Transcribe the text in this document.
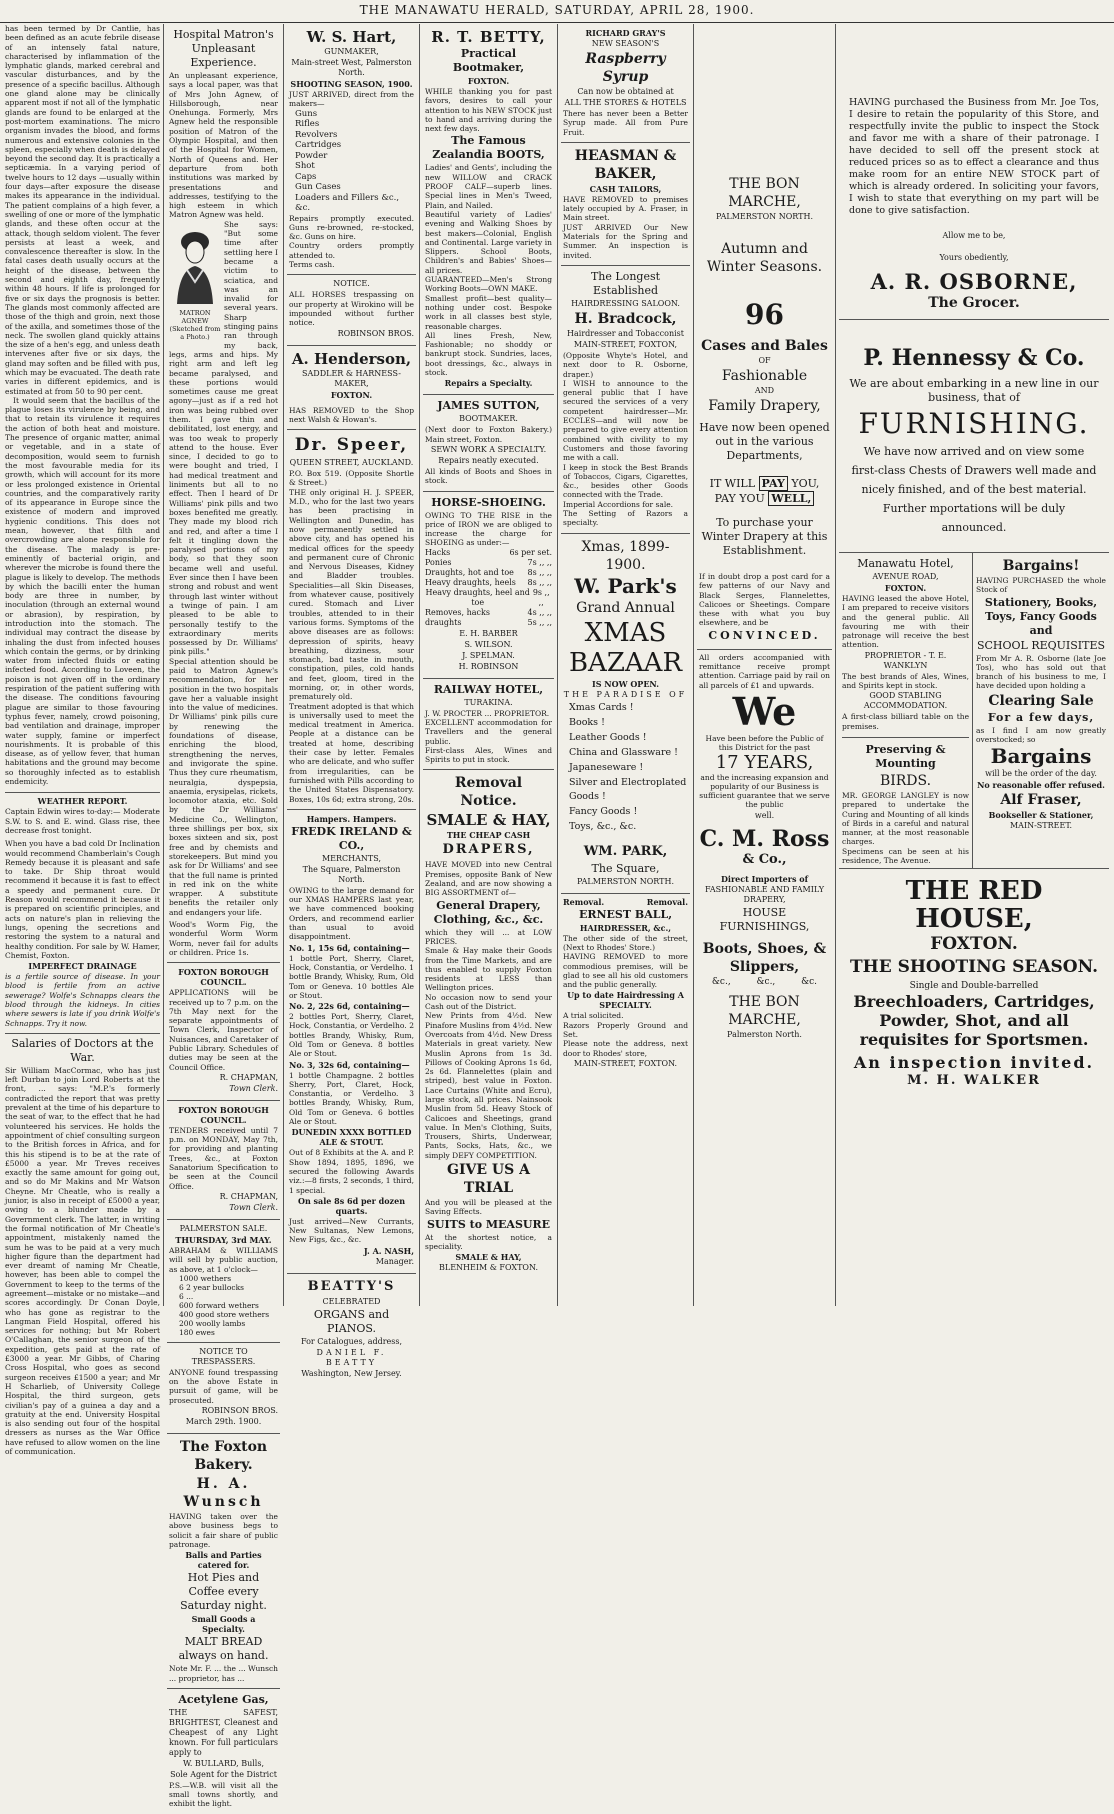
THE MANAWATU HERALD, SATURDAY, APRIL 28, 1900.

has been termed by Dr Cantlie, has been defined as an acute febrile disease of an intensely fatal nature, characterised by inflammation of the lymphatic glands, marked cerebral and vascular disturbances, and by the presence of a specific bacillus. Although one gland alone may be clinically apparent most if not all of the lymphatic glands are found to be enlarged at the post-mortem examinations. The micro organism invades the blood, and forms numerous and extensive colonies in the spleen, especially when death is delayed beyond the second day. It is practically a septicæmia. In a varying period of twelve hours to 12 days —usually within four days—after exposure the disease makes its appearance in the individual. The patient complains of a high fever, a swelling of one or more of the lymphatic glands, and these often occur at the attack, though seldom violent. The fever persists at least a week, and convalescence thereafter is slow. In the fatal cases death usually occurs at the height of the disease, between the second and eighth day, frequently within 48 hours. If life is prolonged for five or six days the prognosis is better. The glands most commonly affected are those of the thigh and groin, next those of the axilla, and sometimes those of the neck. The swollen gland quickly attains the size of a hen's egg, and unless death intervenes after five or six days, the gland may soften and be filled with pus, which may be evacuated. The death rate varies in different epidemics, and is estimated at from 50 to 90 per cent.

It would seem that the bacillus of the plague loses its virulence by being, and that to retain its virulence it requires the action of both heat and moisture. The presence of organic matter, animal or vegetable, and in a state of decomposition, would seem to furnish the most favourable media for its growth, which will account for its more or less prolonged existence in Oriental countries, and the comparatively rarity of its appearance in Europe since the existence of modern and improved hygienic conditions. This does not mean, however, that filth and overcrowding are alone responsible for the disease. The malady is pre-eminently of bacterial origin, and wherever the microbe is found there the plague is likely to develop. The methods by which the bacilli enter the human body are three in number, by inoculation (through an external wound or abrasion), by respiration, by introduction into the stomach. The individual may contract the disease by inhaling the dust from infected houses which contain the germs, or by drinking water from infected fluids or eating infected food. According to Loveen, the poison is not given off in the ordinary respiration of the patient suffering with the disease. The conditions favouring plague are similar to those favouring typhus fever, namely, crowd poisoning, bad ventilation and drainage, improper water supply, famine or imperfect nourishments. It is probable of this disease, as of yellow fever, that human habitations and the ground may become so thoroughly infected as to establish endemicity.

WEATHER REPORT.

Captain Edwin wires to-day:— Moderate S.W. to S. and E. wind. Glass rise, thee decrease frost tonight.

When you have a bad cold Dr Inclination would recommend Chamberlain's Cough Remedy because it is pleasant and safe to take. Dr Ship throat would recommend it because it is fast to effect a speedy and permanent cure. Dr Reason would recommend it because it is prepared on scientific principles, and acts on nature's plan in relieving the lungs, opening the secretions and restoring the system to a natural and healthy condition. For sale by W. Hamer, Chemist, Foxton.

IMPERFECT DRAINAGE

is a fertile source of disease. In your blood is fertile from an active sewerage? Wolfe's Schnapps clears the blood through the kidneys. In cities where sewers is late if you drink Wolfe's Schnapps. Try it now.

Salaries of Doctors at the War.

Sir William MacCormac, who has just left Durban to join Lord Roberts at the front, ... says: "M.P.'s formerly contradicted the report that was pretty prevalent at the time of his departure to the seat of war, to the effect that he had volunteered his services. He holds the appointment of chief consulting surgeon to the British forces in Africa, and for this his stipend is to be at the rate of £5000 a year. Mr Treves receives exactly the same amount for going out, and so do Mr Makins and Mr Watson Cheyne. Mr Cheatle, who is really a junior, is also in receipt of £5000 a year, owing to a blunder made by a Government clerk. The latter, in writing the formal notification of Mr Cheatle's appointment, mistakenly named the sum he was to be paid at a very much higher figure than the department had ever dreamt of naming Mr Cheatle, however, has been able to compel the Government to keep to the terms of the agreement—mistake or no mistake—and scores accordingly. Dr Conan Doyle, who has gone as registrar to the Langman Field Hospital, offered his services for nothing; but Mr Robert O'Callaghan, the senior surgeon of the expedition, gets paid at the rate of £3000 a year. Mr Gibbs, of Charing Cross Hospital, who goes as second surgeon receives £1500 a year; and Mr H Scharlieb, of University College Hospital, the third surgeon, gets civilian's pay of a guinea a day and a gratuity at the end. University Hospital is also sending out four of the hospital dressers as nurses as the War Office have refused to allow women on the line of communication.

Hospital Matron's Unpleasant Experience.

An unpleasant experience, says a local paper, was that of Mrs John Agnew, of Hillsborough, near Onehunga. Formerly, Mrs Agnew held the responsible position of Matron of the Olympic Hospital, and then of the Hospital for Women, North of Queens and. Her departure from both institutions was marked by presentations and addresses, testifying to the high esteem in which Matron Agnew was held.

MATRON AGNEW (Sketched from a Photo.)

She says: "But some time after settling here I became a victim to sciatica, and was an invalid for several years. Sharp stinging pains ran through my back, legs, arms and hips. My right arm and left leg became paralysed, and these portions would sometimes cause me great agony—just as if a red hot iron was being rubbed over them. I gave thin and debilitated, lost energy, and was too weak to properly attend to the house. Ever since, I decided to go to were bought and tried, I had medical treatment and liniments but all to no effect. Then I heard of Dr Williams' pink pills and two boxes benefited me greatly. They made my blood rich and red, and after a time I felt it tingling down the paralysed portions of my body, so that they soon became well and useful. Ever since then I have been strong and robust and went through last winter without a twinge of pain. I am pleased to be able to personally testify to the extraordinary merits possessed by Dr. Williams' pink pills."

Special attention should be paid to Matron Agnew's recommendation, for her position in the two hospitals gave her a valuable insight into the value of medicines. Dr Williams' pink pills cure by renewing the foundations of disease, enriching the blood, strengthening the nerves, and invigorate the spine. Thus they cure rheumatism, neuralgia, dyspepsia, anaemia, erysipelas, rickets, locomotor ataxia, etc. Sold by the Dr Williams' Medicine Co., Wellington, three shillings per box, six boxes sixteen and six, post free and by chemists and storekeepers. But mind you ask for Dr Williams' and see that the full name is printed in red ink on the white wrapper. A substitute benefits the retailer only and endangers your life.

Wood's Worm Fig, the wonderful Worm Worm Worm, never fail for adults or children. Price 1s.

FOXTON BOROUGH COUNCIL.

APPLICATIONS will be received up to 7 p.m. on the 7th May next for the separate appointments of Town Clerk, Inspector of Nuisances, and Caretaker of Public Library. Schedules of duties may be seen at the Council Office.

R. CHAPMAN,

Town Clerk.

FOXTON BOROUGH COUNCIL.

TENDERS received until 7 p.m. on MONDAY, May 7th, for providing and planting Trees, &c., at Foxton Sanatorium Specification to be seen at the Council Office.

R. CHAPMAN,

Town Clerk.

PALMERSTON SALE.

THURSDAY, 3rd MAY.

ABRAHAM & WILLIAMS will sell by public auction, as above, at 1 o'clock—

1000 wethers

6 2 year bullocks

6 ...

600 forward wethers

400 good store wethers

200 woolly lambs

180 ewes

NOTICE TO TRESPASSERS.

ANYONE found trespassing on the above Estate in pursuit of game, will be prosecuted.

ROBINSON BROS.

March 29th. 1900.

The Foxton Bakery.

H. A. Wunsch

HAVING taken over the above business begs to solicit a fair share of public patronage.

Balls and Parties catered for.

Hot Pies and Coffee every Saturday night.

Small Goods a Specialty.

MALT BREAD always on hand.

Note Mr. F. ... the ... Wunsch ... proprietor, has ...

Acetylene Gas,

THE SAFEST, BRIGHTEST, Cleanest and Cheapest of any Light known. For full particulars apply to

W. BULLARD, Bulls,

Sole Agent for the District

P.S.—W.B. will visit all the small towns shortly, and exhibit the light.

W. S. Hart,

GUNMAKER,

Main-street West, Palmerston North.

SHOOTING SEASON, 1900.

JUST ARRIVED, direct from the makers—

Guns

Rifles

Revolvers

Cartridges

Powder

Shot

Caps

Gun Cases

Loaders and Fillers &c., &c.

Repairs promptly executed. Guns re-browned, re-stocked, &c. Guns on hire.

Country orders promptly attended to.

Terms cash.

NOTICE.

ALL HORSES trespassing on our property at Wirokino will be impounded without further notice.

ROBINSON BROS.

A. Henderson,

SADDLER & HARNESS-MAKER,

FOXTON.

HAS REMOVED to the Shop next Walsh & Howan's.

Dr. Speer,

QUEEN STREET, AUCKLAND.

P.O. Box 519. (Opposite Shortle & Street.)

THE only original H. J. SPEER, M.D., who for the last two years has been practising in Wellington and Dunedin, has now permanently settled in above city, and has opened his medical offices for the speedy and permanent cure of Chronic and Nervous Diseases, Kidney and Bladder troubles. Specialities—all Skin Diseases, from whatever cause, positively cured. Stomach and Liver troubles, attended to in their various forms. Symptoms of the above diseases are as follows: depression of spirits, heavy breathing, dizziness, sour stomach, bad taste in mouth, constipation, piles, cold hands and feet, gloom, tired in the morning, or, in other words, prematurely old.

Treatment adopted is that which is universally used to meet the medical treatment in America. People at a distance can be treated at home, describing their case by letter. Females who are delicate, and who suffer from irregularities, can be furnished with Pills according to the United States Dispensatory. Boxes, 10s 6d; extra strong, 20s.

Hampers. Hampers.

FREDK IRELAND & CO.,

MERCHANTS,

The Square, Palmerston North.

OWING to the large demand for our XMAS HAMPERS last year, we have commenced booking Orders, and recommend earlier than usual to avoid disappointment.

No. 1, 15s 6d, containing—

1 bottle Port, Sherry, Claret, Hock, Constantia, or Verdelho. 1 bottle Brandy, Whisky, Rum, Old Tom or Geneva. 10 bottles Ale or Stout.

No. 2, 22s 6d, containing—

2 bottles Port, Sherry, Claret, Hock, Constantia, or Verdelho. 2 bottles Brandy, Whisky, Rum, Old Tom or Geneva. 8 bottles Ale or Stout.

No. 3, 32s 6d, containing—

1 bottle Champagne. 2 bottles Sherry, Port, Claret, Hock, Constantia, or Verdelho. 3 bottles Brandy, Whisky, Rum, Old Tom or Geneva. 6 bottles Ale or Stout.

DUNEDIN XXXX BOTTLED ALE & STOUT.

Out of 8 Exhibits at the A. and P. Show 1894, 1895, 1896, we secured the following Awards viz.:—8 firsts, 2 seconds, 1 third, 1 special.

On sale 8s 6d per dozen quarts.

Just arrived—New Currants, New Sultanas, New Lemons, New Figs, &c., &c.

J. A. NASH,

Manager.

BEATTY'S

CELEBRATED

ORGANS and PIANOS.

For Catalogues, address,

DANIEL F. BEATTY

Washington, New Jersey.

R. T. BETTY,

Practical Bootmaker,

FOXTON.

WHILE thanking you for past favors, desires to call your attention to his NEW STOCK just to hand and arriving during the next few days.

The Famous Zealandia BOOTS,

Ladies' and Gents', including the new WILLOW and CRACK PROOF CALF—superb lines. Special lines in Men's Tweed, Plain, and Nailed.

Beautiful variety of Ladies' evening and Walking Shoes by best makers—Colonial, English and Continental. Large variety in Slippers. School Boots, Children's and Babies' Shoes—all prices.

GUARANTEED—Men's Strong Working Boots—OWN MAKE.

Smallest profit—best quality—nothing under cost. Bespoke work in all classes best style, reasonable charges.

All lines Fresh, New, Fashionable; no shoddy or bankrupt stock. Sundries, laces, boot dressings, &c., always in stock.

Repairs a Specialty.

JAMES SUTTON,

BOOTMAKER.

(Next door to Foxton Bakery.) Main street, Foxton.

SEWN WORK A SPECIALTY.

Repairs neatly executed.

All kinds of Boots and Shoes in stock.

HORSE-SHOEING.

OWING TO THE RISE in the price of IRON we are obliged to increase the charge for SHOEING as under:—

Hacks	6s per set.
Ponies	7s ,, ,,
Draughts, hot and toe 8s ,, ,,
Heavy draughts, heels 8s ,, ,,
Heavy draughts, heel and toe
9s ,, ,,
Removes, hacks	4s ,, ,,
draughts	5s ,, ,,

E. H. BARBER

S. WILSON.

J. SPELMAN.

H. ROBINSON

RAILWAY HOTEL,

TURAKINA.

J. W. PROCTER ... PROPRIETOR.

EXCELLENT accommodation for Travellers and the general public.

First-class Ales, Wines and Spirits to put in stock.

Removal Notice.

SMALE & HAY,

THE CHEAP CASH

DRAPERS,

HAVE MOVED into new Central Premises, opposite Bank of New Zealand, and are now showing a BIG ASSORTMENT of—

General Drapery, Clothing, &c., &c.

which they will ... at LOW PRICES.

Smale & Hay make their Goods from the Time Markets, and are thus enabled to supply Foxton residents at LESS than Wellington prices.

No occasion now to send your Cash out of the District.

New Prints from 4½d. New Pinafore Muslins from 4½d. New Overcoats from 4½d. New Dress Materials in great variety. New Muslin Aprons from 1s 3d. Pillows of Cooking Aprons 1s 6d, 2s 6d. Flannelettes (plain and striped), best value in Foxton. Lace Curtains (White and Ecru), large stock, all prices. Nainsook Muslin from 5d. Heavy Stock of Calicoes and Sheetings, grand value. In Men's Clothing, Suits, Trousers, Shirts, Underwear, Pants, Socks, Hats, &c., we simply DEFY COMPETITION.

GIVE US A TRIAL

And you will be pleased at the Saving Effects.

SUITS to MEASURE

At the shortest notice, a speciality.

SMALE & HAY,

BLENHEIM & FOXTON.

RICHARD GRAY'S

NEW SEASON'S

Raspberry Syrup

Can now be obtained at

ALL THE STORES & HOTELS

There has never been a Better Syrup made. All from Pure Fruit.

HEASMAN & BAKER,

CASH TAILORS,

HAVE REMOVED to premises lately occupied by A. Fraser, in Main street.

JUST ARRIVED Our New Materials for the Spring and Summer. An inspection is invited.

The Longest Established

HAIRDRESSING SALOON.

H. Bradcock,

Hairdresser and Tobacconist

MAIN-STREET, FOXTON,

(Opposite Whyte's Hotel, and next door to R. Osborne, draper.)

I WISH to announce to the general public that I have secured the services of a very competent hairdresser—Mr. ECCLES—and will now be prepared to give every attention combined with civility to my Customers and those favoring me with a call.

I keep in stock the Best Brands of Tobaccos, Cigars, Cigarettes, &c., besides other Goods connected with the Trade.

Imperial Accordions for sale.

The Setting of Razors a specialty.

Xmas, 1899-1900.

W. Park's

Grand Annual

XMAS

BAZAAR

IS NOW OPEN.

THE PARADISE OF

Xmas Cards !

Books !

Leather Goods !

China and Glassware !

Japaneseware !

Silver and Electroplated Goods !

Fancy Goods !

Toys, &c., &c.

WM. PARK,

The Square,

PALMERSTON NORTH.

Removal.	Removal.

ERNEST BALL,

HAIRDRESSER, &c.,

The other side of the street, (Next to Rhodes' Store.)

HAVING REMOVED to more commodious premises, will be glad to see all his old customers and the public generally.

Up to date Hairdressing A SPECIALTY.

A trial solicited.

Razors Properly Ground and Set.

Please note the address, next door to Rhodes' store,

MAIN-STREET, FOXTON.

THE BON MARCHE,

PALMERSTON NORTH.

Autumn and Winter Seasons.

96

Cases and Bales

OF

Fashionable

AND

Family Drapery,

Have now been opened out in the various Departments,

IT WILL PAY YOU,

PAY YOU WELL,

To purchase your Winter Drapery at this Establishment.

If in doubt drop a post card for a few patterns of our Navy and Black Serges, Flannelettes, Calicoes or Sheetings. Compare these with what you buy elsewhere, and be

CONVINCED.

All orders accompanied with remittance receive prompt attention. Carriage paid by rail on all parcels of £1 and upwards.

We

Have been before the Public of this District for the past

17 YEARS,

and the increasing expansion and popularity of our Business is sufficient guarantee that we serve the public

well.

C. M. Ross

& Co.,

Direct Importers of

FASHIONABLE AND FAMILY DRAPERY,

HOUSE FURNISHINGS,

Boots, Shoes, & Slippers,

&c.,	&c.,	&c.

THE BON MARCHE,

Palmerston North.

HAVING purchased the Business from Mr. Joe Tos, I desire to retain the popularity of this Store, and respectfully invite the public to inspect the Stock and favor me with a share of their patronage. I have decided to sell off the present stock at reduced prices so as to effect a clearance and thus make room for an entire NEW STOCK part of which is already ordered. In soliciting your favors, I wish to state that everything on my part will be done to give satisfaction.

Allow me to be,

Yours obediently,

A. R. OSBORNE,

The Grocer.

P. Hennessy & Co.

We are about embarking in a new line in our business, that of

FURNISHING.

We have now arrived and on view some first-class Chests of Drawers well made and nicely finished, and of the best material. Further mportations will be duly announced.

Manawatu Hotel,

AVENUE ROAD,

FOXTON.

HAVING leased the above Hotel, I am prepared to receive visitors and the general public. All favouring me with their patronage will receive the best attention.

PROPRIETOR - T. E. WANKLYN

The best brands of Ales, Wines, and Spirits kept in stock.

GOOD STABLING ACCOMMODATION.

A first-class billiard table on the premises.

Preserving & Mounting

BIRDS.

MR. GEORGE LANGLEY is now prepared to undertake the Curing and Mounting of all kinds of Birds in a careful and natural manner, at the most reasonable charges.

Specimens can be seen at his residence, The Avenue.

Bargains!

HAVING PURCHASED the whole Stock of

Stationery, Books, Toys, Fancy Goods and

SCHOOL REQUISITES

From Mr A. R. Osborne (late Joe Tos), who has sold out that branch of his business to me, I have decided upon holding a

Clearing Sale

For a few days,

as I find I am now greatly overstocked; so

Bargains

will be the order of the day.

No reasonable offer refused.

Alf Fraser,

Bookseller & Stationer,

MAIN-STREET.

THE RED HOUSE,

FOXTON.

THE SHOOTING SEASON.

Single and Double-barrelled

Breechloaders, Cartridges, Powder, Shot, and all requisites for Sportsmen.

An inspection invited.

M. H. WALKER
